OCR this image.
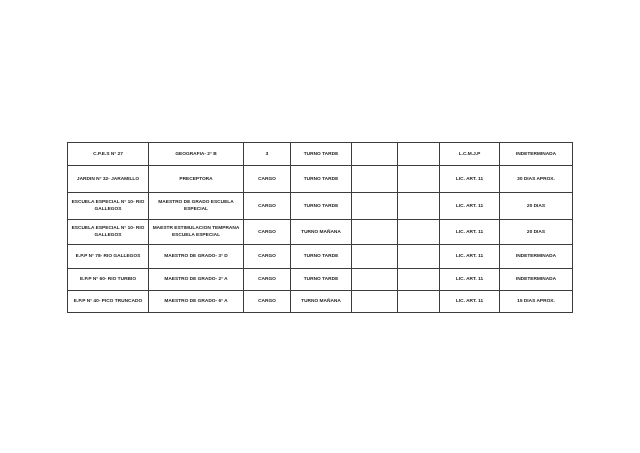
C.P.E.S N° 27	GEOGRAFIA- 2° B	3	TURNO TARDE			L.C.M.J.P	INDETERMINADA
JARDIN N° 32- JARAMILLO	PRECEPTORA	CARGO	TURNO TARDE			LIC. ART. 11	30 DIAS APROX.
ESCUELA ESPECIAL N° 10- RIO GALLEGOS	MAESTRO DE GRADO ESCUELA ESPECIAL	CARGO	TURNO TARDE			LIC. ART. 11	20 DIAS
ESCUELA ESPECIAL N° 10- RIO GALLEGOS	MAESTR ESTIMULACION TEMPRANA ESCUELA ESPECIAL	CARGO	TURNO MAÑANA			LIC. ART. 11	20 DIAS
E.P.P N° 78- RIO GALLEGOS	MAESTRO DE GRADO- 3° D	CARGO	TURNO TARDE			LIC. ART. 11	INDETERMINADA
E.P.P N° 60- RIO TURBIO	MAESTRO DE GRADO- 2° A	CARGO	TURNO TARDE			LIC. ART. 11	INDETERMINADA
E.P.P N° 40- PICO TRUNCADO	MAESTRO DE GRADO- 6° A	CARGO	TURNO MAÑANA			LIC. ART. 11	15 DIAS APROX.
